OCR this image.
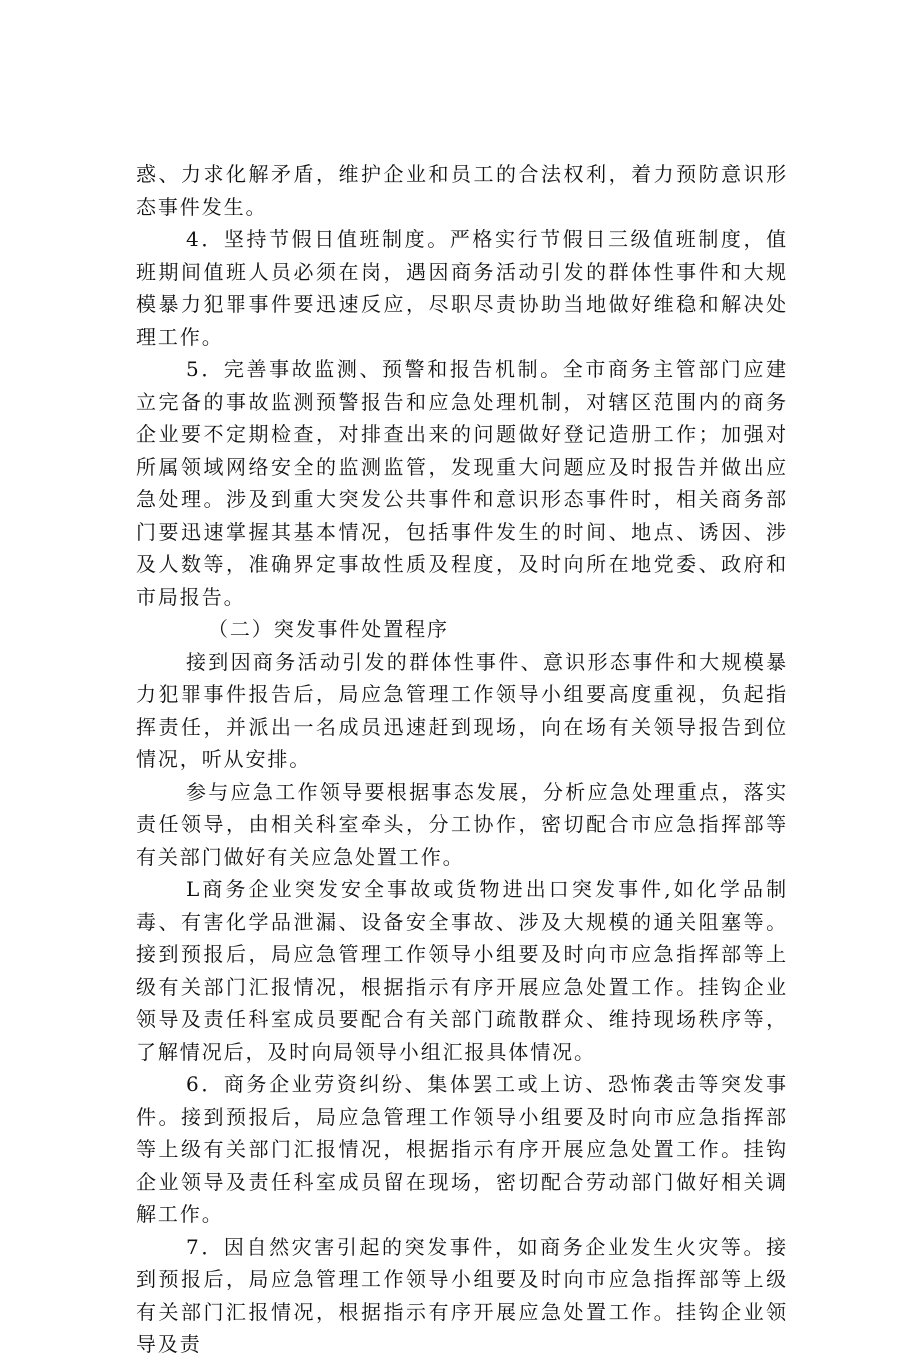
惑、力求化解矛盾，维护企业和员工的合法权利，着力预防意识形态事件发生。

4．坚持节假日值班制度。严格实行节假日三级值班制度，值班期间值班人员必须在岗，遇因商务活动引发的群体性事件和大规模暴力犯罪事件要迅速反应，尽职尽责协助当地做好维稳和解决处理工作。

5．完善事故监测、预警和报告机制。全市商务主管部门应建立完备的事故监测预警报告和应急处理机制，对辖区范围内的商务企业要不定期检查，对排查出来的问题做好登记造册工作；加强对所属领域网络安全的监测监管，发现重大问题应及时报告并做出应急处理。涉及到重大突发公共事件和意识形态事件时，相关商务部门要迅速掌握其基本情况，包括事件发生的时间、地点、诱因、涉及人数等，准确界定事故性质及程度，及时向所在地党委、政府和市局报告。

（二）突发事件处置程序

接到因商务活动引发的群体性事件、意识形态事件和大规模暴力犯罪事件报告后，局应急管理工作领导小组要高度重视，负起指挥责任，并派出一名成员迅速赶到现场，向在场有关领导报告到位情况，听从安排。

参与应急工作领导要根据事态发展，分析应急处理重点，落实责任领导，由相关科室牵头，分工协作，密切配合市应急指挥部等有关部门做好有关应急处置工作。

L商务企业突发安全事故或货物进出口突发事件,如化学品制毒、有害化学品泄漏、设备安全事故、涉及大规模的通关阻塞等。接到预报后，局应急管理工作领导小组要及时向市应急指挥部等上级有关部门汇报情况，根据指示有序开展应急处置工作。挂钩企业领导及责任科室成员要配合有关部门疏散群众、维持现场秩序等，了解情况后，及时向局领导小组汇报具体情况。

6．商务企业劳资纠纷、集体罢工或上访、恐怖袭击等突发事件。接到预报后，局应急管理工作领导小组要及时向市应急指挥部等上级有关部门汇报情况，根据指示有序开展应急处置工作。挂钩企业领导及责任科室成员留在现场，密切配合劳动部门做好相关调解工作。

7．因自然灾害引起的突发事件，如商务企业发生火灾等。接到预报后，局应急管理工作领导小组要及时向市应急指挥部等上级有关部门汇报情况，根据指示有序开展应急处置工作。挂钩企业领导及责
